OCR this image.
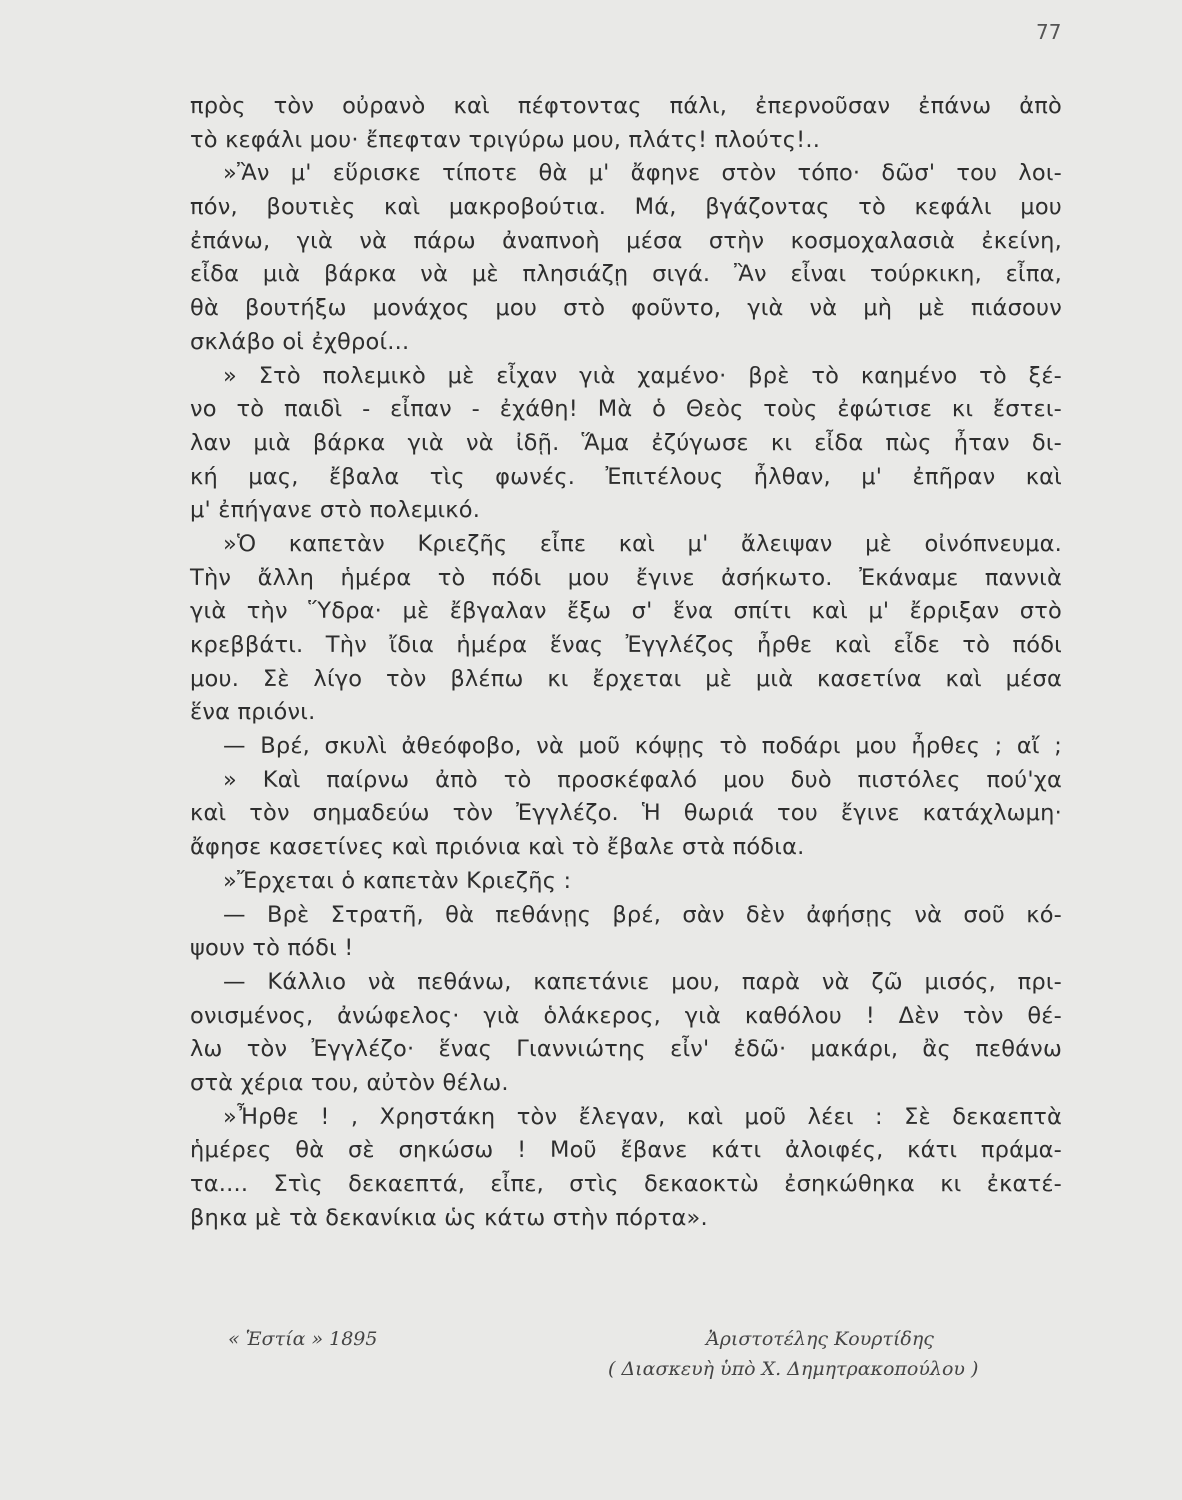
77
πρὸς τὸν οὐρανὸ καὶ πέφτοντας πάλι, ἐπερνοῦσαν ἐπάνω ἀπὸ
τὸ κεφάλι μου· ἔπεφταν τριγύρω μου, πλάτς! πλούτς!..
»Ἂν μ' εὕρισκε τίποτε θὰ μ' ἄφηνε στὸν τόπο· δῶσ' του λοι-
πόν, βουτιὲς καὶ μακροβούτια. Μά, βγάζοντας τὸ κεφάλι μου
ἐπάνω, γιὰ νὰ πάρω ἀναπνοὴ μέσα στὴν κοσμοχαλασιὰ ἐκείνη,
εἶδα μιὰ βάρκα νὰ μὲ πλησιάζῃ σιγά. Ἂν εἶναι τούρκικη, εἶπα,
θὰ βουτήξω μονάχος μου στὸ φοῦντο, γιὰ νὰ μὴ μὲ πιάσουν
σκλάβο οἱ ἐχθροί...
» Στὸ πολεμικὸ μὲ εἶχαν γιὰ χαμένο· βρὲ τὸ καημένο τὸ ξέ-
νο τὸ παιδὶ - εἶπαν - ἐχάθη! Μὰ ὁ Θεὸς τοὺς ἐφώτισε κι ἔστει-
λαν μιὰ βάρκα γιὰ νὰ ἰδῇ. Ἅμα ἐζύγωσε κι εἶδα πὼς ἦταν δι-
κή μας, ἔβαλα τὶς φωνές. Ἐπιτέλους ἦλθαν, μ' ἐπῆραν καὶ
μ' ἐπήγανε στὸ πολεμικό.
»Ὁ καπετὰν Κριεζῆς εἶπε καὶ μ' ἄλειψαν μὲ οἰνόπνευμα.
Τὴν ἄλλη ἡμέρα τὸ πόδι μου ἔγινε ἀσήκωτο. Ἐκάναμε παννιὰ
γιὰ τὴν Ὕδρα· μὲ ἔβγαλαν ἔξω σ' ἕνα σπίτι καὶ μ' ἔρριξαν στὸ
κρεββάτι. Τὴν ἴδια ἡμέρα ἕνας Ἐγγλέζος ἦρθε καὶ εἶδε τὸ πόδι
μου. Σὲ λίγο τὸν βλέπω κι ἔρχεται μὲ μιὰ κασετίνα καὶ μέσα
ἕνα πριόνι.
— Βρέ, σκυλὶ ἀθεόφοβο, νὰ μοῦ κόψῃς τὸ ποδάρι μου ἦρθες ; αἴ ;
» Καὶ παίρνω ἀπὸ τὸ προσκέφαλό μου δυὸ πιστόλες πού'χα
καὶ τὸν σημαδεύω τὸν Ἐγγλέζο. Ἡ θωριά του ἔγινε κατάχλωμη·
ἄφησε κασετίνες καὶ πριόνια καὶ τὸ ἔβαλε στὰ πόδια.
»Ἔρχεται ὁ καπετὰν Κριεζῆς :
— Βρὲ Στρατῆ, θὰ πεθάνῃς βρέ, σὰν δὲν ἀφήσῃς νὰ σοῦ κό-
ψουν τὸ πόδι !
— Κάλλιο νὰ πεθάνω, καπετάνιε μου, παρὰ νὰ ζῶ μισός, πρι-
ονισμένος, ἀνώφελος· γιὰ ὁλάκερος, γιὰ καθόλου ! Δὲν τὸν θέ-
λω τὸν Ἐγγλέζο· ἕνας Γιαννιώτης εἶν' ἐδῶ· μακάρι, ἂς πεθάνω
στὰ χέρια του, αὐτὸν θέλω.
»Ἦρθε ! , Χρηστάκη τὸν ἔλεγαν, καὶ μοῦ λέει : Σὲ δεκαεπτὰ
ἡμέρες θὰ σὲ σηκώσω ! Μοῦ ἔβανε κάτι ἀλοιφές, κάτι πράμα-
τα.... Στὶς δεκαεπτά, εἶπε, στὶς δεκαοκτὼ ἐσηκώθηκα κι ἐκατέ-
βηκα μὲ τὰ δεκανίκια ὡς κάτω στὴν πόρτα».
« Ἑστία » 1895	Ἀριστοτέλης Κουρτίδης
( Διασκευὴ ὑπὸ Χ. Δημητρακοπούλου )
